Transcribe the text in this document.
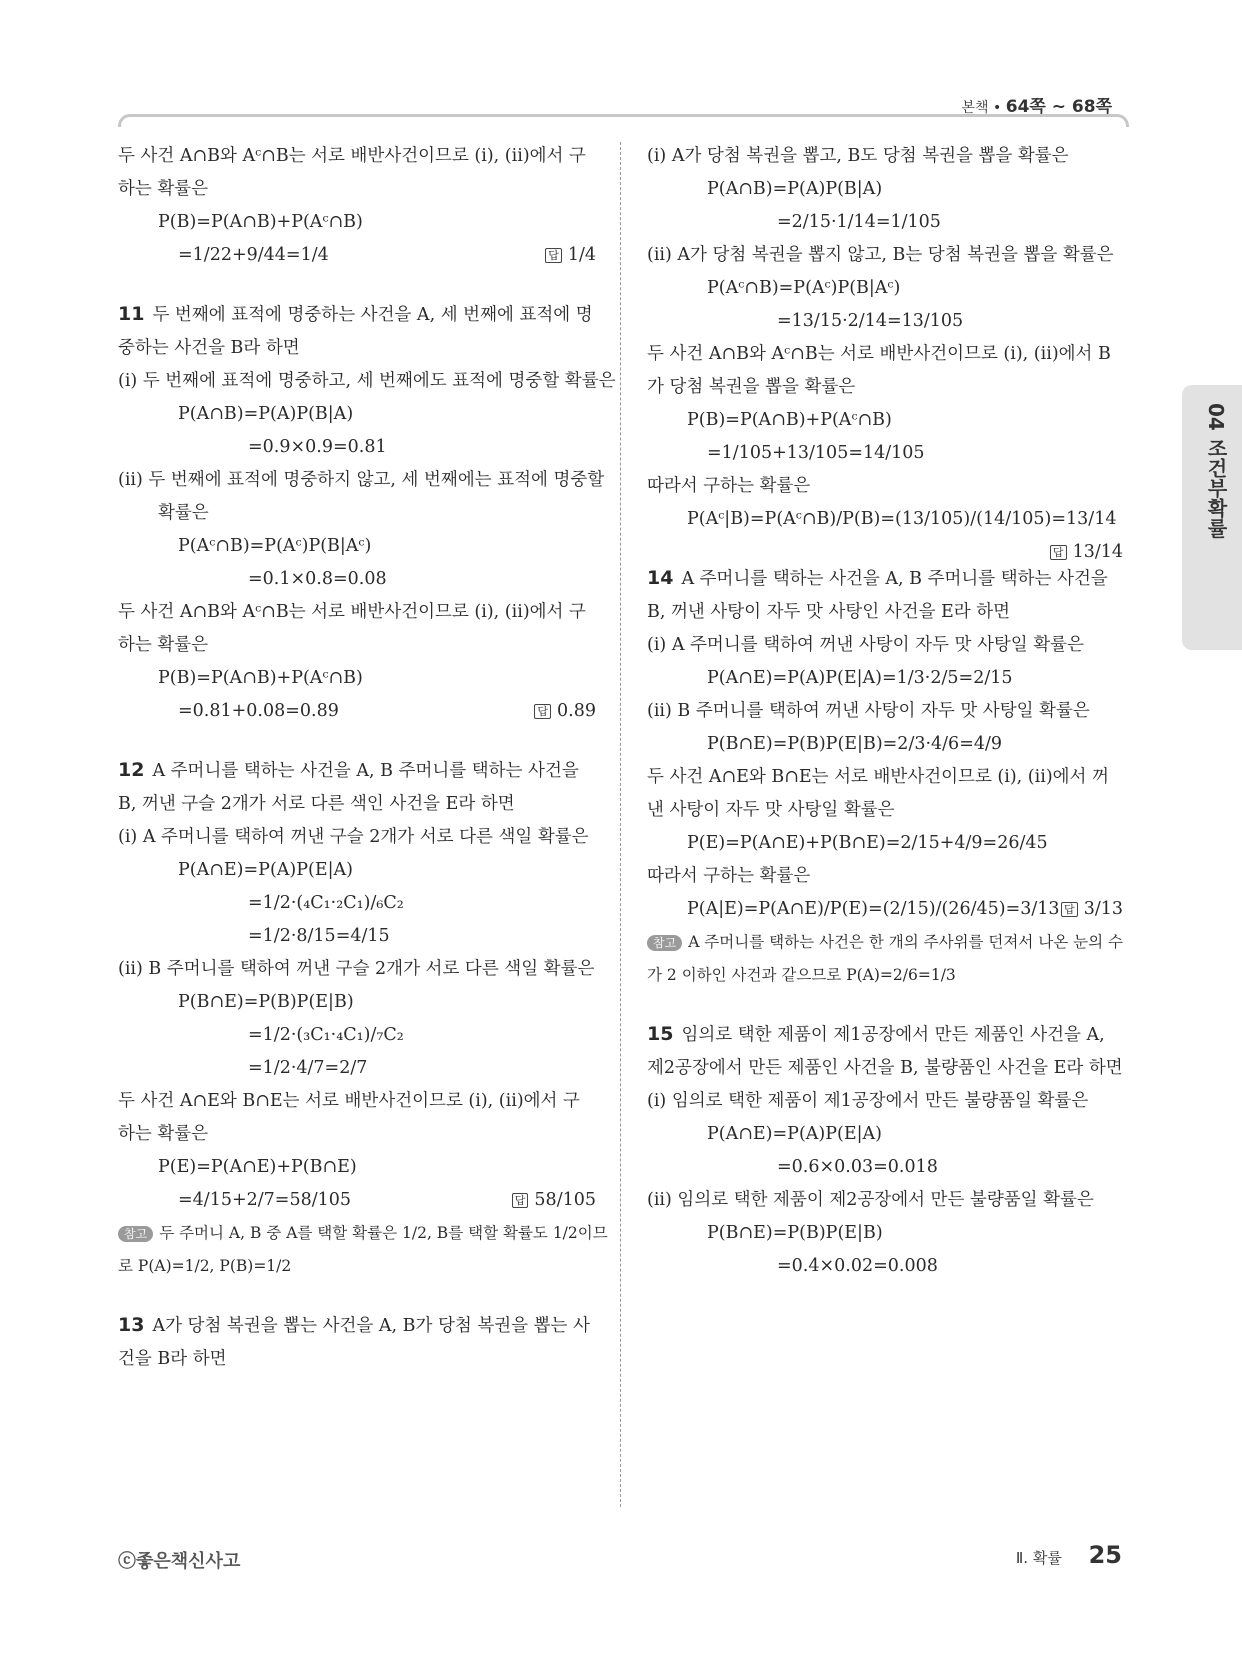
본책 • 64쪽 ~ 68쪽
두 사건 A∩B와 Aᶜ∩B는 서로 배반사건이므로 (i), (ii)에서 구
하는 확률은
P(B)=P(A∩B)+P(Aᶜ∩B)
=1/22+9/44=1/4	답 1/4
11 두 번째에 표적에 명중하는 사건을 A, 세 번째에 표적에 명
중하는 사건을 B라 하면
(i) 두 번째에 표적에 명중하고, 세 번째에도 표적에 명중할 확률은
P(A∩B)=P(A)P(B|A)
=0.9×0.9=0.81
(ii) 두 번째에 표적에 명중하지 않고, 세 번째에는 표적에 명중할
확률은
P(Aᶜ∩B)=P(Aᶜ)P(B|Aᶜ)
=0.1×0.8=0.08
두 사건 A∩B와 Aᶜ∩B는 서로 배반사건이므로 (i), (ii)에서 구
하는 확률은
P(B)=P(A∩B)+P(Aᶜ∩B)
=0.81+0.08=0.89	답 0.89
12 A 주머니를 택하는 사건을 A, B 주머니를 택하는 사건을
B, 꺼낸 구슬 2개가 서로 다른 색인 사건을 E라 하면
(i) A 주머니를 택하여 꺼낸 구슬 2개가 서로 다른 색일 확률은
P(A∩E)=P(A)P(E|A)
=1/2·(₄C₁·₂C₁)/₆C₂
=1/2·8/15=4/15
(ii) B 주머니를 택하여 꺼낸 구슬 2개가 서로 다른 색일 확률은
P(B∩E)=P(B)P(E|B)
=1/2·(₃C₁·₄C₁)/₇C₂
=1/2·4/7=2/7
두 사건 A∩E와 B∩E는 서로 배반사건이므로 (i), (ii)에서 구
하는 확률은
P(E)=P(A∩E)+P(B∩E)
=4/15+2/7=58/105	답 58/105
참고 두 주머니 A, B 중 A를 택할 확률은 1/2, B를 택할 확률도 1/2이므
로 P(A)=1/2, P(B)=1/2
13 A가 당첨 복권을 뽑는 사건을 A, B가 당첨 복권을 뽑는 사
건을 B라 하면
(i) A가 당첨 복권을 뽑고, B도 당첨 복권을 뽑을 확률은
P(A∩B)=P(A)P(B|A)
=2/15·1/14=1/105
(ii) A가 당첨 복권을 뽑지 않고, B는 당첨 복권을 뽑을 확률은
P(Aᶜ∩B)=P(Aᶜ)P(B|Aᶜ)
=13/15·2/14=13/105
두 사건 A∩B와 Aᶜ∩B는 서로 배반사건이므로 (i), (ii)에서 B
가 당첨 복권을 뽑을 확률은
P(B)=P(A∩B)+P(Aᶜ∩B)
=1/105+13/105=14/105
따라서 구하는 확률은
P(Aᶜ|B)=P(Aᶜ∩B)/P(B)=(13/105)/(14/105)=13/14
답 13/14
14 A 주머니를 택하는 사건을 A, B 주머니를 택하는 사건을
B, 꺼낸 사탕이 자두 맛 사탕인 사건을 E라 하면
(i) A 주머니를 택하여 꺼낸 사탕이 자두 맛 사탕일 확률은
P(A∩E)=P(A)P(E|A)=1/3·2/5=2/15
(ii) B 주머니를 택하여 꺼낸 사탕이 자두 맛 사탕일 확률은
P(B∩E)=P(B)P(E|B)=2/3·4/6=4/9
두 사건 A∩E와 B∩E는 서로 배반사건이므로 (i), (ii)에서 꺼
낸 사탕이 자두 맛 사탕일 확률은
P(E)=P(A∩E)+P(B∩E)=2/15+4/9=26/45
따라서 구하는 확률은
P(A|E)=P(A∩E)/P(E)=(2/15)/(26/45)=3/13 답 3/13
참고 A 주머니를 택하는 사건은 한 개의 주사위를 던져서 나온 눈의 수
가 2 이하인 사건과 같으므로 P(A)=2/6=1/3
15 임의로 택한 제품이 제1공장에서 만든 제품인 사건을 A,
제2공장에서 만든 제품인 사건을 B, 불량품인 사건을 E라 하면
(i) 임의로 택한 제품이 제1공장에서 만든 불량품일 확률은
P(A∩E)=P(A)P(E|A)
=0.6×0.03=0.018
(ii) 임의로 택한 제품이 제2공장에서 만든 불량품일 확률은
P(B∩E)=P(B)P(E|B)
=0.4×0.02=0.008
04 조건부확률
ⓒ좋은책신사고	Ⅱ. 확률 25
